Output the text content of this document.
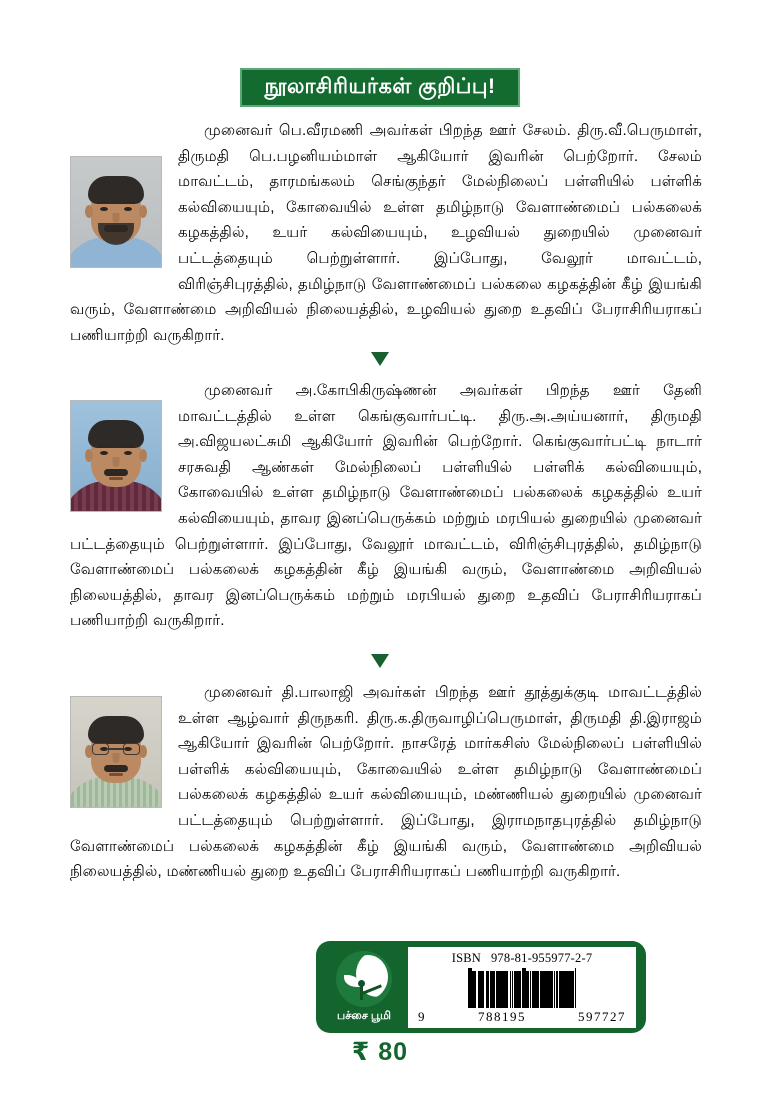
நூலாசிரியர்கள் குறிப்பு!
முனைவர் பெ.வீரமணி அவர்கள் பிறந்த ஊர் சேலம். திரு.வீ.பெருமாள், திருமதி பெ.பழனியம்மாள் ஆகியோர் இவரின் பெற்றோர். சேலம் மாவட்டம், தாரமங்கலம் செங்குந்தர் மேல்நிலைப் பள்ளியில் பள்ளிக் கல்வியையும், கோவையில் உள்ள தமிழ்நாடு வேளாண்மைப் பல்கலைக் கழகத்தில், உயர் கல்வியையும், உழவியல் துறையில் முனைவர் பட்டத்தையும் பெற்றுள்ளார். இப்போது, வேலூர் மாவட்டம், விரிஞ்சிபுரத்தில், தமிழ்நாடு வேளாண்மைப் பல்கலை கழகத்தின் கீழ் இயங்கி வரும், வேளாண்மை அறிவியல் நிலையத்தில், உழவியல் துறை உதவிப் பேராசிரியராகப் பணியாற்றி வருகிறார்.
முனைவர் அ.கோபிகிருஷ்ணன் அவர்கள் பிறந்த ஊர் தேனி மாவட்டத்தில் உள்ள கெங்குவார்பட்டி. திரு.அ.அய்யனார், திருமதி அ.விஜயலட்சுமி ஆகியோர் இவரின் பெற்றோர். கெங்குவார்பட்டி நாடார் சரசுவதி ஆண்கள் மேல்நிலைப் பள்ளியில் பள்ளிக் கல்வியையும், கோவையில் உள்ள தமிழ்நாடு வேளாண்மைப் பல்கலைக் கழகத்தில் உயர் கல்வியையும், தாவர இனப்பெருக்கம் மற்றும் மரபியல் துறையில் முனைவர் பட்டத்தையும் பெற்றுள்ளார். இப்போது, வேலூர் மாவட்டம், விரிஞ்சிபுரத்தில், தமிழ்நாடு வேளாண்மைப் பல்கலைக் கழகத்தின் கீழ் இயங்கி வரும், வேளாண்மை அறிவியல் நிலையத்தில், தாவர இனப்பெருக்கம் மற்றும் மரபியல் துறை உதவிப் பேராசிரியராகப் பணியாற்றி வருகிறார்.
முனைவர் தி.பாலாஜி அவர்கள் பிறந்த ஊர் தூத்துக்குடி மாவட்டத்தில் உள்ள ஆழ்வார் திருநகரி. திரு.க.திருவாழிப்பெருமாள், திருமதி தி.இராஜம் ஆகியோர் இவரின் பெற்றோர். நாசரேத் மார்கசிஸ் மேல்நிலைப் பள்ளியில் பள்ளிக் கல்வியையும், கோவையில் உள்ள தமிழ்நாடு வேளாண்மைப் பல்கலைக் கழகத்தில் உயர் கல்வியையும், மண்ணியல் துறையில் முனைவர் பட்டத்தையும் பெற்றுள்ளார். இப்போது, இராமநாதபுரத்தில் தமிழ்நாடு வேளாண்மைப் பல்கலைக் கழகத்தின் கீழ் இயங்கி வரும், வேளாண்மை அறிவியல் நிலையத்தில், மண்ணியல் துறை உதவிப் பேராசிரியராகப் பணியாற்றி வருகிறார்.
பச்சை பூமி
ISBN 978-81-955977-2-7
9	788195	597727
₹ 80
